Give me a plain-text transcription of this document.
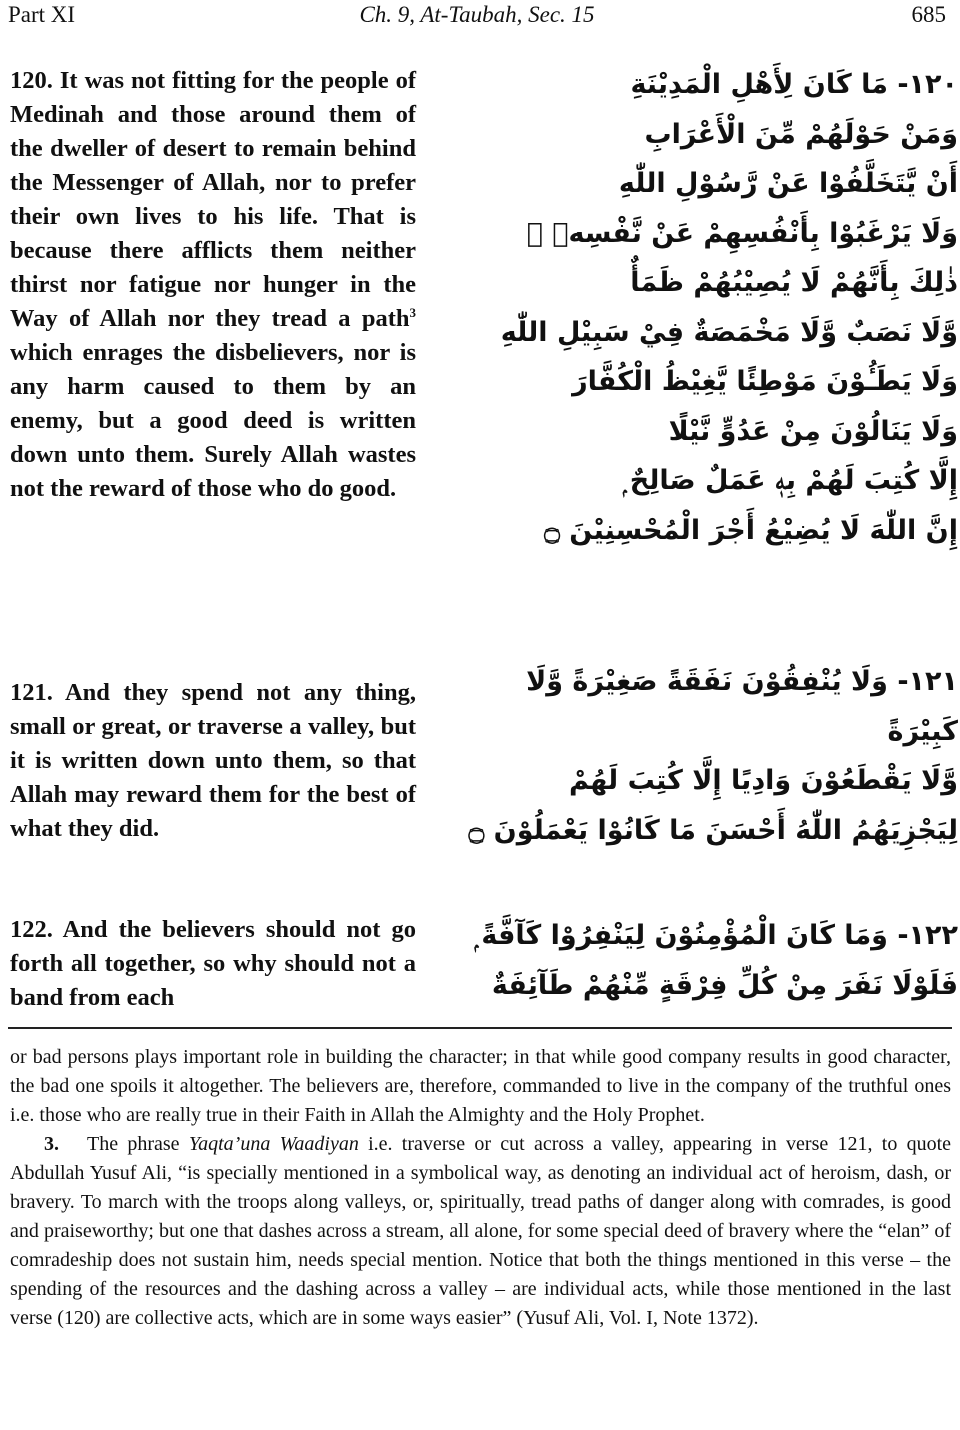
Part XI	Ch. 9, At-Taubah, Sec. 15	685
120. It was not fitting for the people of Medinah and those around them of the dweller of desert to remain behind the Messenger of Allah, nor to prefer their own lives to his life. That is because there afflicts them neither thirst nor fatigue nor hunger in the Way of Allah nor they tread a path$^3$ which enrages the disbelievers, nor is any harm caused to them by an enemy, but a good deed is written down unto them. Surely Allah wastes not the reward of those who do good.
121. And they spend not any thing, small or great, or traverse a valley, but it is written down unto them, so that Allah may reward them for the best of what they did.
122. And the believers should not go forth all together, so why should not a band from each
١٢٠- مَا كَانَ لِأَهْلِ الْمَدِيْنَةِ
وَمَنْ حَوْلَهُمْ مِّنَ الْأَعْرَابِ
أَنْ يَّتَخَلَّفُوْا عَنْ رَّسُوْلِ اللّٰهِ
وَلَا يَرْغَبُوْا بِأَنْفُسِهِمْ عَنْ نَّفْسِهٖ ۭ
ذٰلِكَ بِأَنَّهُمْ لَا يُصِيْبُهُمْ ظَمَأٌ
وَّلَا نَصَبٌ وَّلَا مَخْمَصَةٌ فِيْ سَبِيْلِ اللّٰهِ
وَلَا يَطَـُٔوْنَ مَوْطِئًا يَّغِيْظُ الْكُفَّارَ
وَلَا يَنَالُوْنَ مِنْ عَدُوٍّ نَّيْلًا
إِلَّا كُتِبَ لَهُمْ بِهٖ عَمَلٌ صَالِحٌ ۭ
إِنَّ اللّٰهَ لَا يُضِيْعُ أَجْرَ الْمُحْسِنِيْنَ ۝
١٢١- وَلَا يُنْفِقُوْنَ نَفَقَةً صَغِيْرَةً وَّلَا
كَبِيْرَةً
وَّلَا يَقْطَعُوْنَ وَادِيًا إِلَّا كُتِبَ لَهُمْ
لِيَجْزِيَهُمُ اللّٰهُ أَحْسَنَ مَا كَانُوْا يَعْمَلُوْنَ ۝
١٢٢- وَمَا كَانَ الْمُؤْمِنُوْنَ لِيَنْفِرُوْا كَآفَّةً ۭ
فَلَوْلَا نَفَرَ مِنْ كُلِّ فِرْقَةٍ مِّنْهُمْ طَآئِفَةٌ

or bad persons plays important role in building the character; in that while good company results in good character, the bad one spoils it altogether. The believers are, therefore, commanded to live in the company of the truthful ones i.e. those who are really true in their Faith in Allah the Almighty and the Holy Prophet.

3. The phrase Yaqta’una Waadiyan i.e. traverse or cut across a valley, appearing in verse 121, to quote Abdullah Yusuf Ali, “is specially mentioned in a symbolical way, as denoting an individual act of heroism, dash, or bravery. To march with the troops along valleys, or, spiritually, tread paths of danger along with comrades, is good and praiseworthy; but one that dashes across a stream, all alone, for some special deed of bravery where the “elan” of comradeship does not sustain him, needs special mention. Notice that both the things mentioned in this verse – the spending of the resources and the dashing across a valley – are individual acts, while those mentioned in the last verse (120) are collective acts, which are in some ways easier” (Yusuf Ali, Vol. I, Note 1372).
